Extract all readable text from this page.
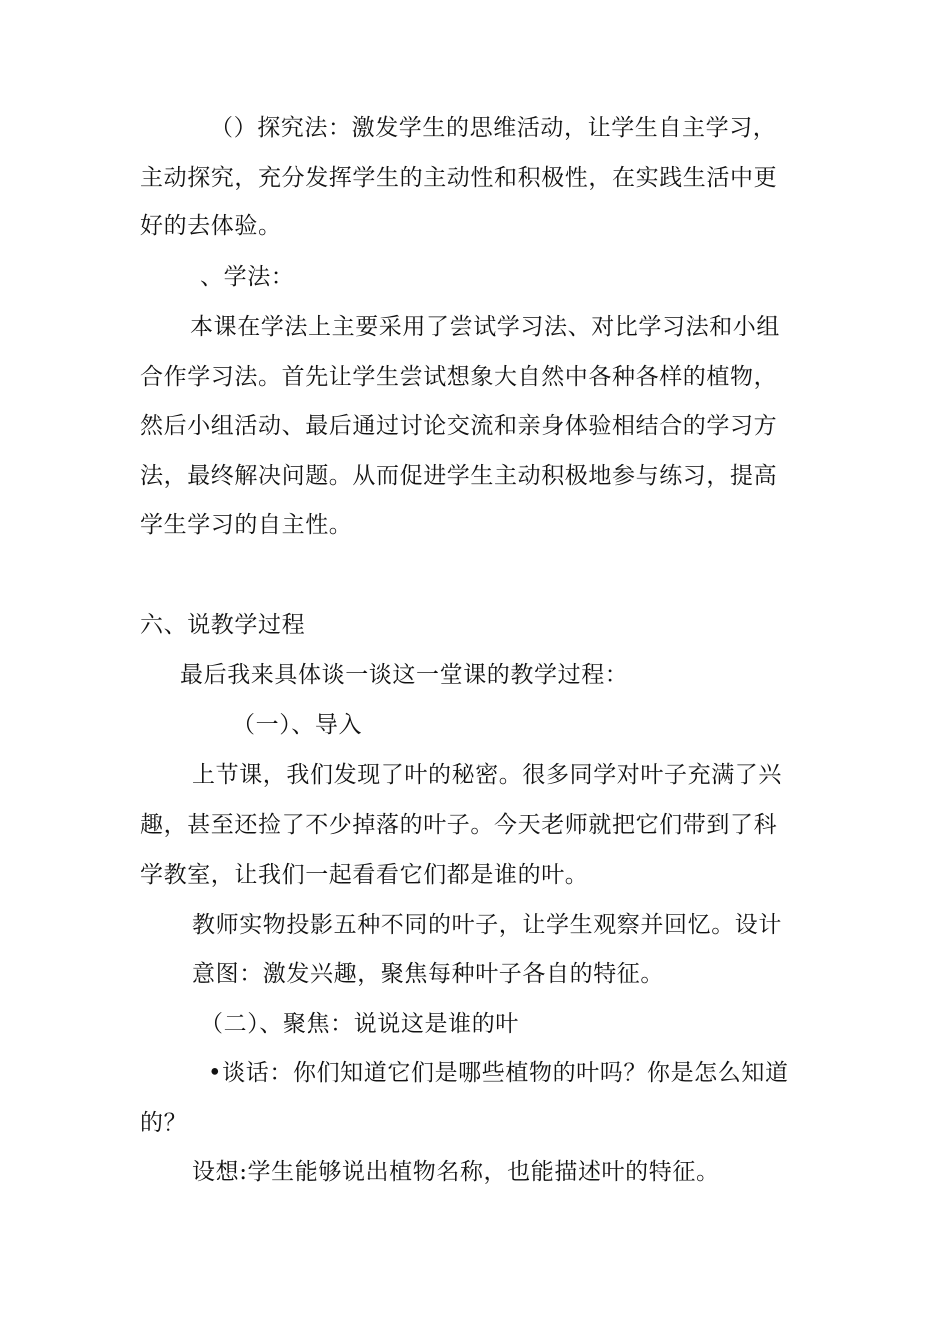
（）探究法：激发学生的思维活动，让学生自主学习，

主动探究，充分发挥学生的主动性和积极性，在实践生活中更

好的去体验。

、学法：

本课在学法上主要采用了尝试学习法、对比学习法和小组

合作学习法。首先让学生尝试想象大自然中各种各样的植物，

然后小组活动、最后通过讨论交流和亲身体验相结合的学习方

法，最终解决问题。从而促进学生主动积极地参与练习，提高

学生学习的自主性。

六、说教学过程

最后我来具体谈一谈这一堂课的教学过程：

（一）、导入

上节课，我们发现了叶的秘密。很多同学对叶子充满了兴

趣，甚至还捡了不少掉落的叶子。今天老师就把它们带到了科

学教室，让我们一起看看它们都是谁的叶。

教师实物投影五种不同的叶子，让学生观察并回忆。设计

意图：激发兴趣，聚焦每种叶子各自的特征。

（二）、聚焦：说说这是谁的叶

•谈话：你们知道它们是哪些植物的叶吗？你是怎么知道

的？

设想:学生能够说出植物名称，也能描述叶的特征。
